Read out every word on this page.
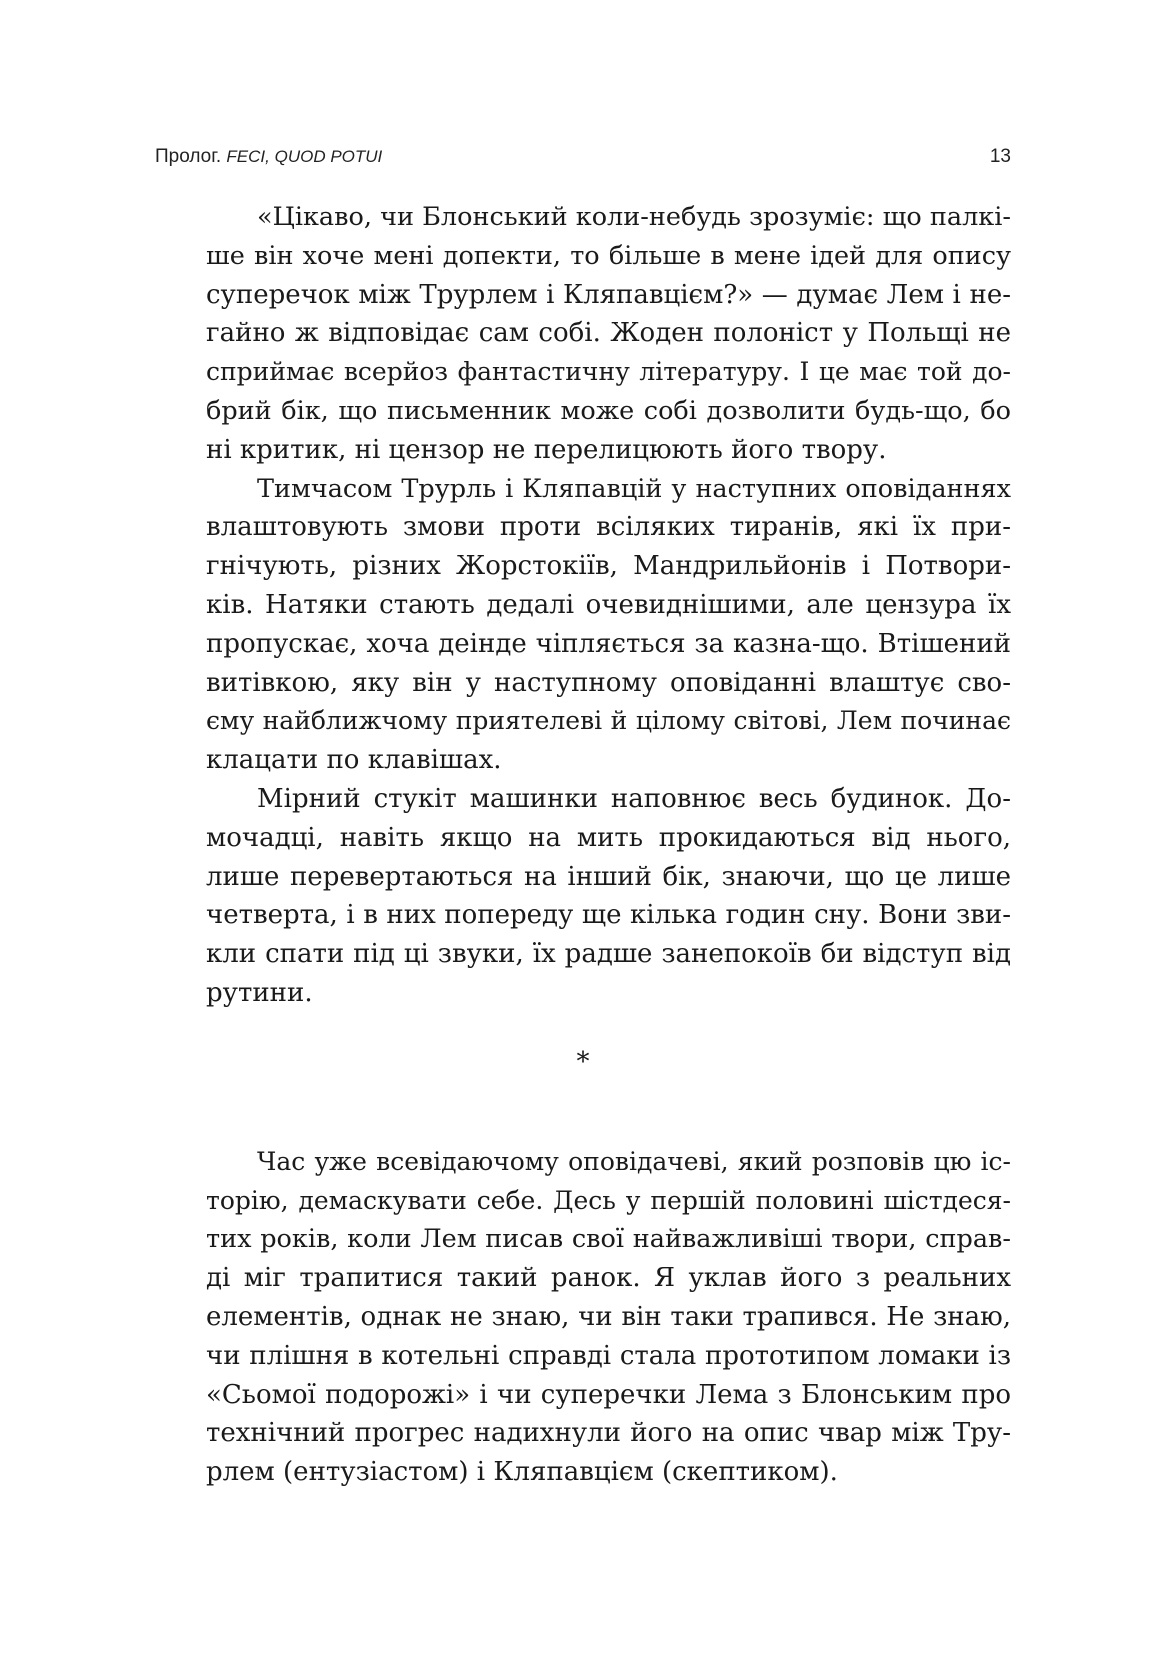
Пролог. FECI, QUOD POTUI	13
«Цікаво, чи Блонський коли-небудь зрозуміє: що палкі-
ше він хоче мені допекти, то більше в мене ідей для опису
суперечок між Трурлем і Кляпавцієм?» — думає Лем і не-
гайно ж відповідає сам собі. Жоден полоніст у Польщі не
сприймає всерйоз фантастичну літературу. І це має той до-
брий бік, що письменник може собі дозволити будь-що, бо
ні критик, ні цензор не перелицюють його твору.
Тимчасом Трурль і Кляпавцій у наступних оповіданнях
влаштовують змови проти всіляких тиранів, які їх при-
гнічують, різних Жорстокіїв, Мандрильйонів і Потвори-
ків. Натяки стають дедалі очевиднішими, але цензура їх
пропускає, хоча деінде чіпляється за казна-що. Втішений
витівкою, яку він у наступному оповіданні влаштує сво-
єму найближчому приятелеві й цілому світові, Лем починає
клацати по клавішах.
Мірний стукіт машинки наповнює весь будинок. До-
мочадці, навіть якщо на мить прокидаються від нього,
лише перевертаються на інший бік, знаючи, що це лише
четверта, і в них попереду ще кілька годин сну. Вони зви-
кли спати під ці звуки, їх радше занепокоїв би відступ від
рутини.
*
Час уже всевідаючому оповідачеві, який розповів цю іс-
торію, демаскувати себе. Десь у першій половині шістдеся-
тих років, коли Лем писав свої найважливіші твори, справ-
ді міг трапитися такий ранок. Я уклав його з реальних
елементів, однак не знаю, чи він таки трапився. Не знаю,
чи плішня в котельні справді стала прототипом ломаки із
«Сьомої подорожі» і чи суперечки Лема з Блонським про
технічний прогрес надихнули його на опис чвар між Тру-
рлем (ентузіастом) і Кляпавцієм (скептиком).
